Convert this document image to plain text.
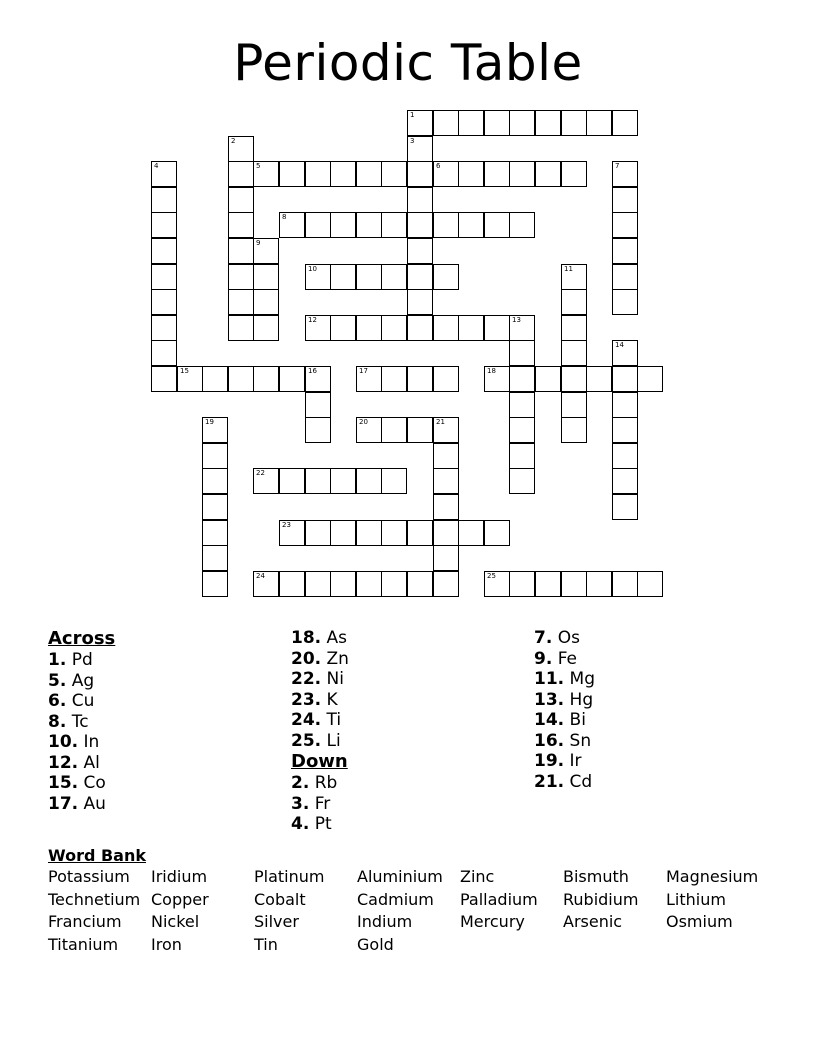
Periodic Table
1
2	3
4	5	6	7
8
9
10	11
12	13
14
15	16	17	18
19	20	21
22
23
24	25
Across
1. Pd
5. Ag
6. Cu
8. Tc
10. In
12. Al
15. Co
17. Au
18. As
20. Zn
22. Ni
23. K
24. Ti
25. Li
Down
2. Rb
3. Fr
4. Pt
7. Os
9. Fe
11. Mg
13. Hg
14. Bi
16. Sn
19. Ir
21. Cd
Word Bank
Potassium	Iridium	Platinum	Aluminium	Zinc	Bismuth	Magnesium
Technetium Copper	Cobalt	Cadmium	Palladium	Rubidium	Lithium
Francium	Nickel	Silver	Indium	Mercury	Arsenic	Osmium
Titanium	Iron	Tin	Gold
